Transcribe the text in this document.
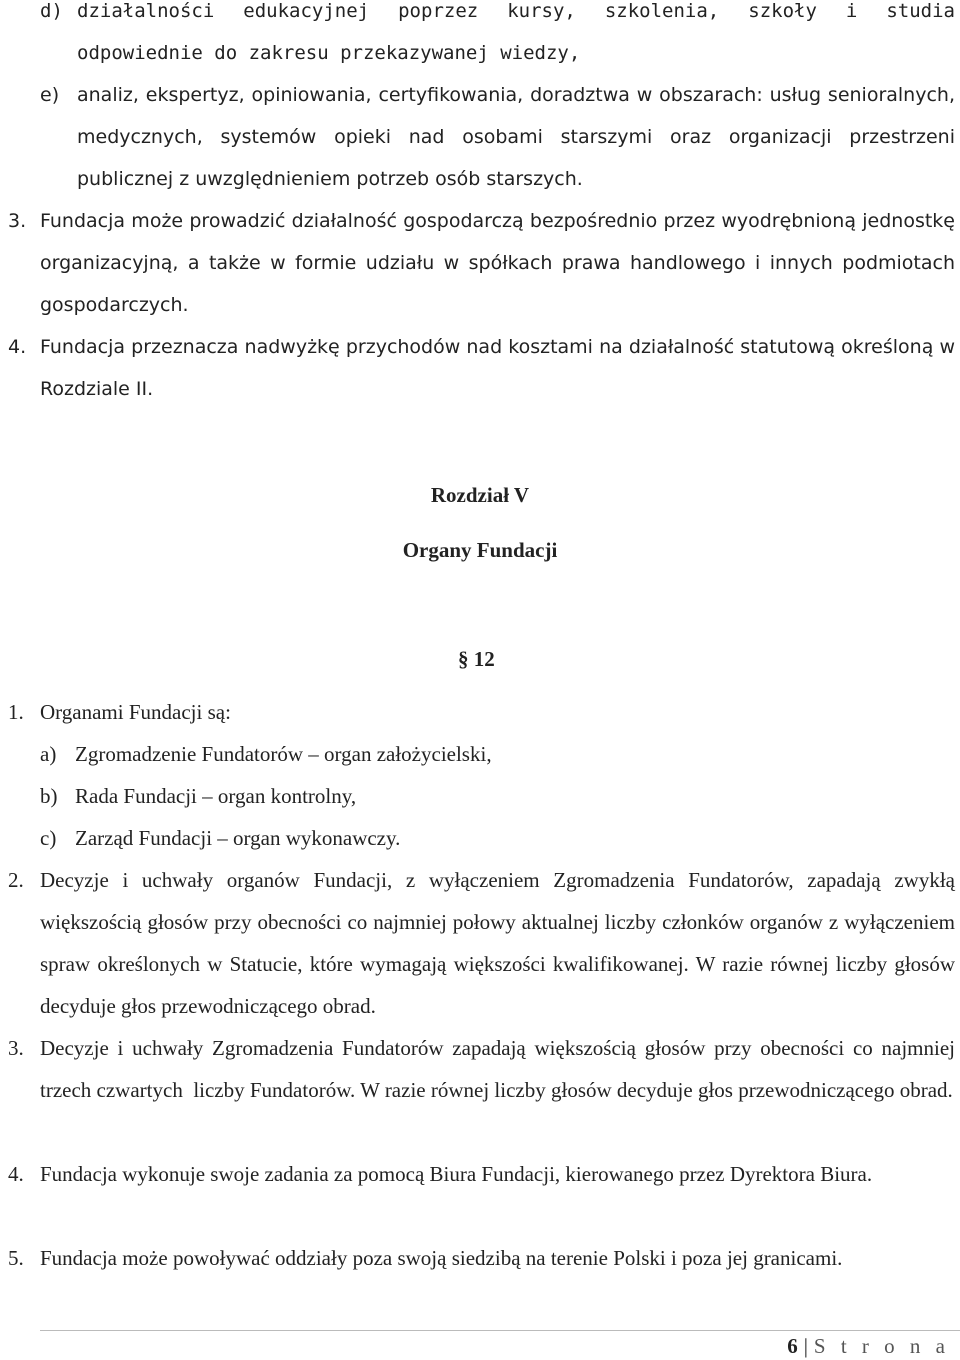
d) działalności edukacyjnej poprzez kursy, szkolenia, szkoły i studia odpowiednie do zakresu przekazywanej wiedzy,
e) analiz, ekspertyz, opiniowania, certyfikowania, doradztwa w obszarach: usług senioralnych, medycznych, systemów opieki nad osobami starszymi oraz organizacji przestrzeni publicznej z uwzględnieniem potrzeb osób starszych.
3. Fundacja może prowadzić działalność gospodarczą bezpośrednio przez wyodrębnioną jednostkę organizacyjną, a także w formie udziału w spółkach prawa handlowego i innych podmiotach gospodarczych.
4. Fundacja przeznacza nadwyżkę przychodów nad kosztami na działalność statutową określoną w Rozdziale II.
Rozdział V
Organy Fundacji
§ 12
1. Organami Fundacji są:
a) Zgromadzenie Fundatorów – organ założycielski,
b) Rada Fundacji – organ kontrolny,
c) Zarząd Fundacji – organ wykonawczy.
2. Decyzje i uchwały organów Fundacji, z wyłączeniem Zgromadzenia Fundatorów, zapadają zwykłą większością głosów przy obecności co najmniej połowy aktualnej liczby członków organów z wyłączeniem spraw określonych w Statucie, które wymagają większości kwalifikowanej. W razie równej liczby głosów decyduje głos przewodniczącego obrad.
3. Decyzje i uchwały Zgromadzenia Fundatorów zapadają większością głosów przy obecności co najmniej trzech czwartych  liczby Fundatorów. W razie równej liczby głosów decyduje głos przewodniczącego obrad.
4. Fundacja wykonuje swoje zadania za pomocą Biura Fundacji, kierowanego przez Dyrektora Biura.
5. Fundacja może powoływać oddziały poza swoją siedzibą na terenie Polski i poza jej granicami.
6 | S t r o n a
